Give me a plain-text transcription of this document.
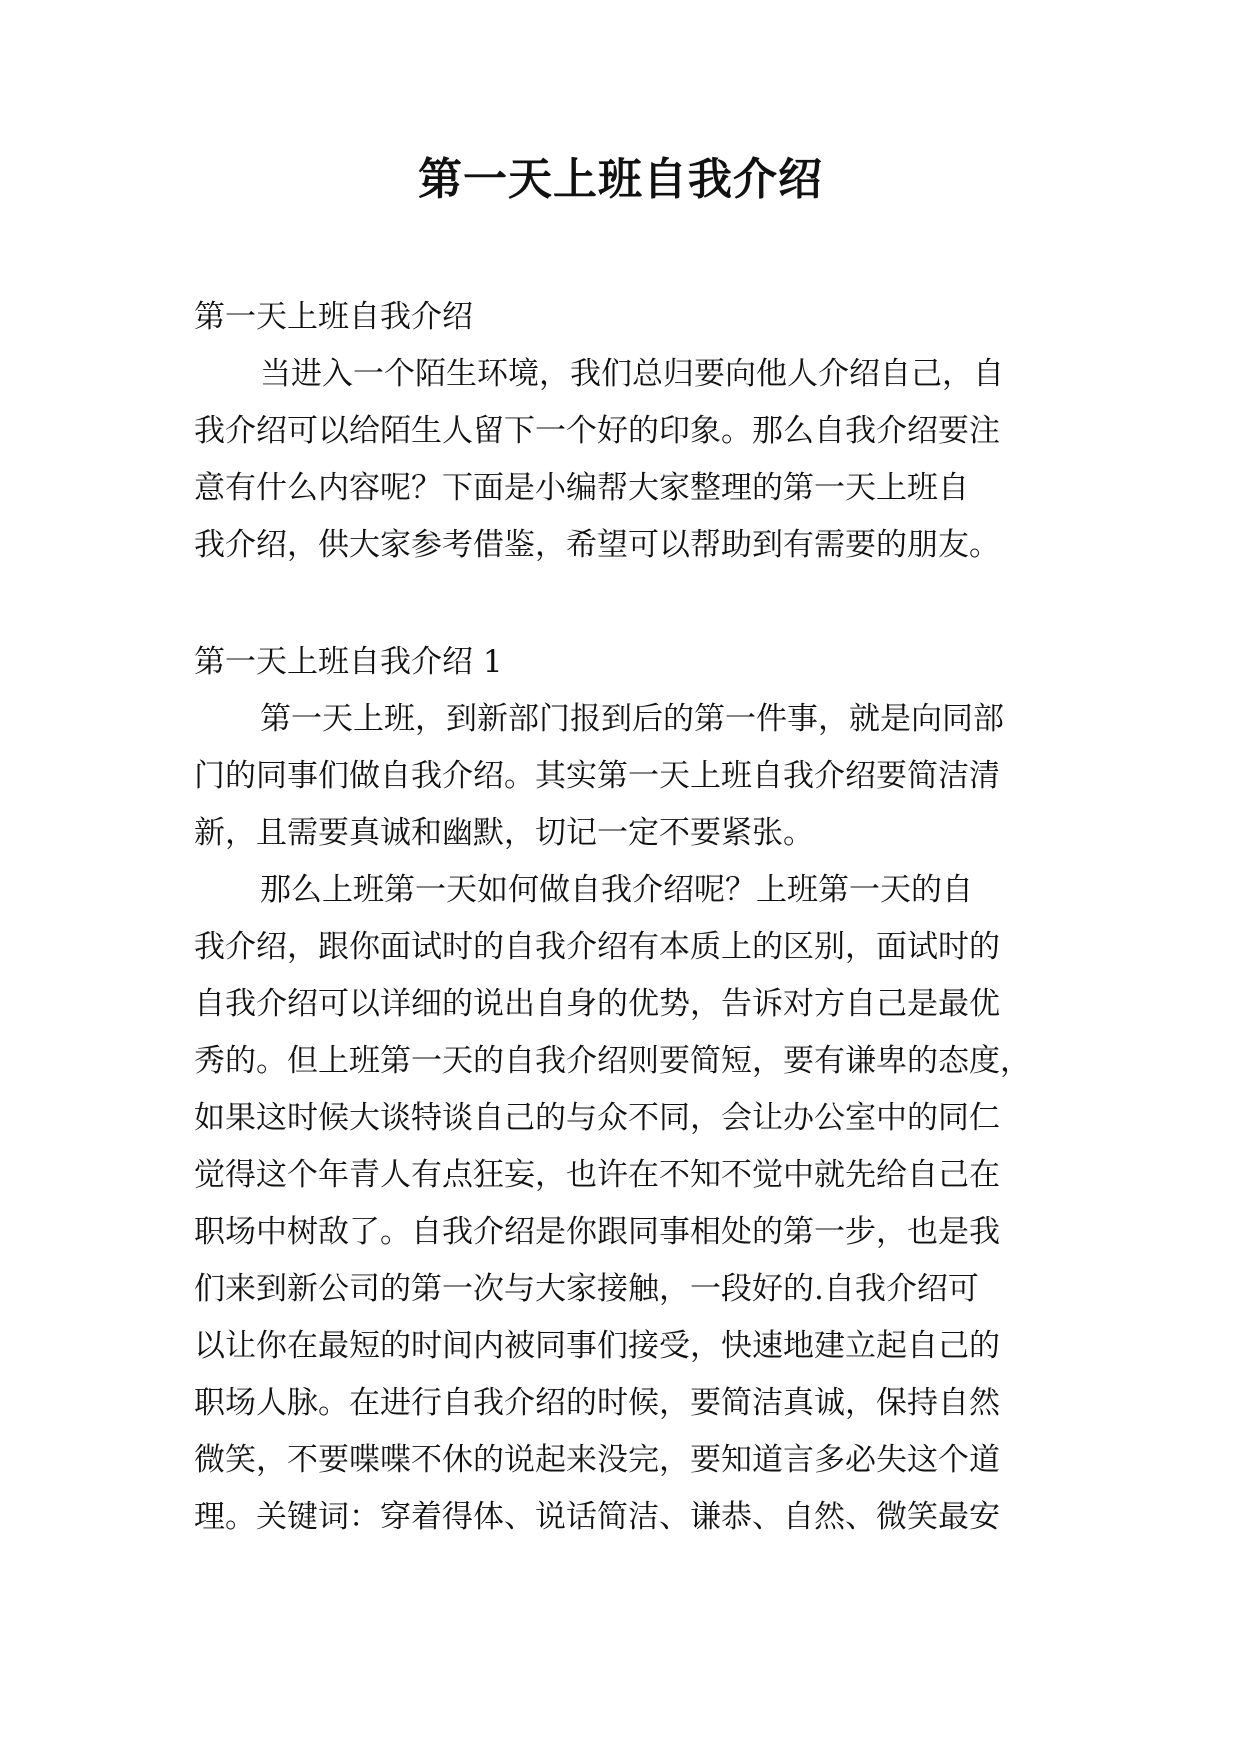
第一天上班自我介绍
第一天上班自我介绍
当进入一个陌生环境，我们总归要向他人介绍自己，自
我介绍可以给陌生人留下一个好的印象。那么自我介绍要注
意有什么内容呢？下面是小编帮大家整理的第一天上班自
我介绍，供大家参考借鉴，希望可以帮助到有需要的朋友。
第一天上班自我介绍 1
第一天上班，到新部门报到后的第一件事，就是向同部
门的同事们做自我介绍。其实第一天上班自我介绍要简洁清
新，且需要真诚和幽默，切记一定不要紧张。
那么上班第一天如何做自我介绍呢？上班第一天的自
我介绍，跟你面试时的自我介绍有本质上的区别，面试时的
自我介绍可以详细的说出自身的优势，告诉对方自己是最优
秀的。但上班第一天的自我介绍则要简短，要有谦卑的态度，
如果这时候大谈特谈自己的与众不同，会让办公室中的同仁
觉得这个年青人有点狂妄，也许在不知不觉中就先给自己在
职场中树敌了。自我介绍是你跟同事相处的第一步，也是我
们来到新公司的第一次与大家接触，一段好的.自我介绍可
以让你在最短的时间内被同事们接受，快速地建立起自己的
职场人脉。在进行自我介绍的时候，要简洁真诚，保持自然
微笑，不要喋喋不休的说起来没完，要知道言多必失这个道
理。关键词：穿着得体、说话简洁、谦恭、自然、微笑最安
